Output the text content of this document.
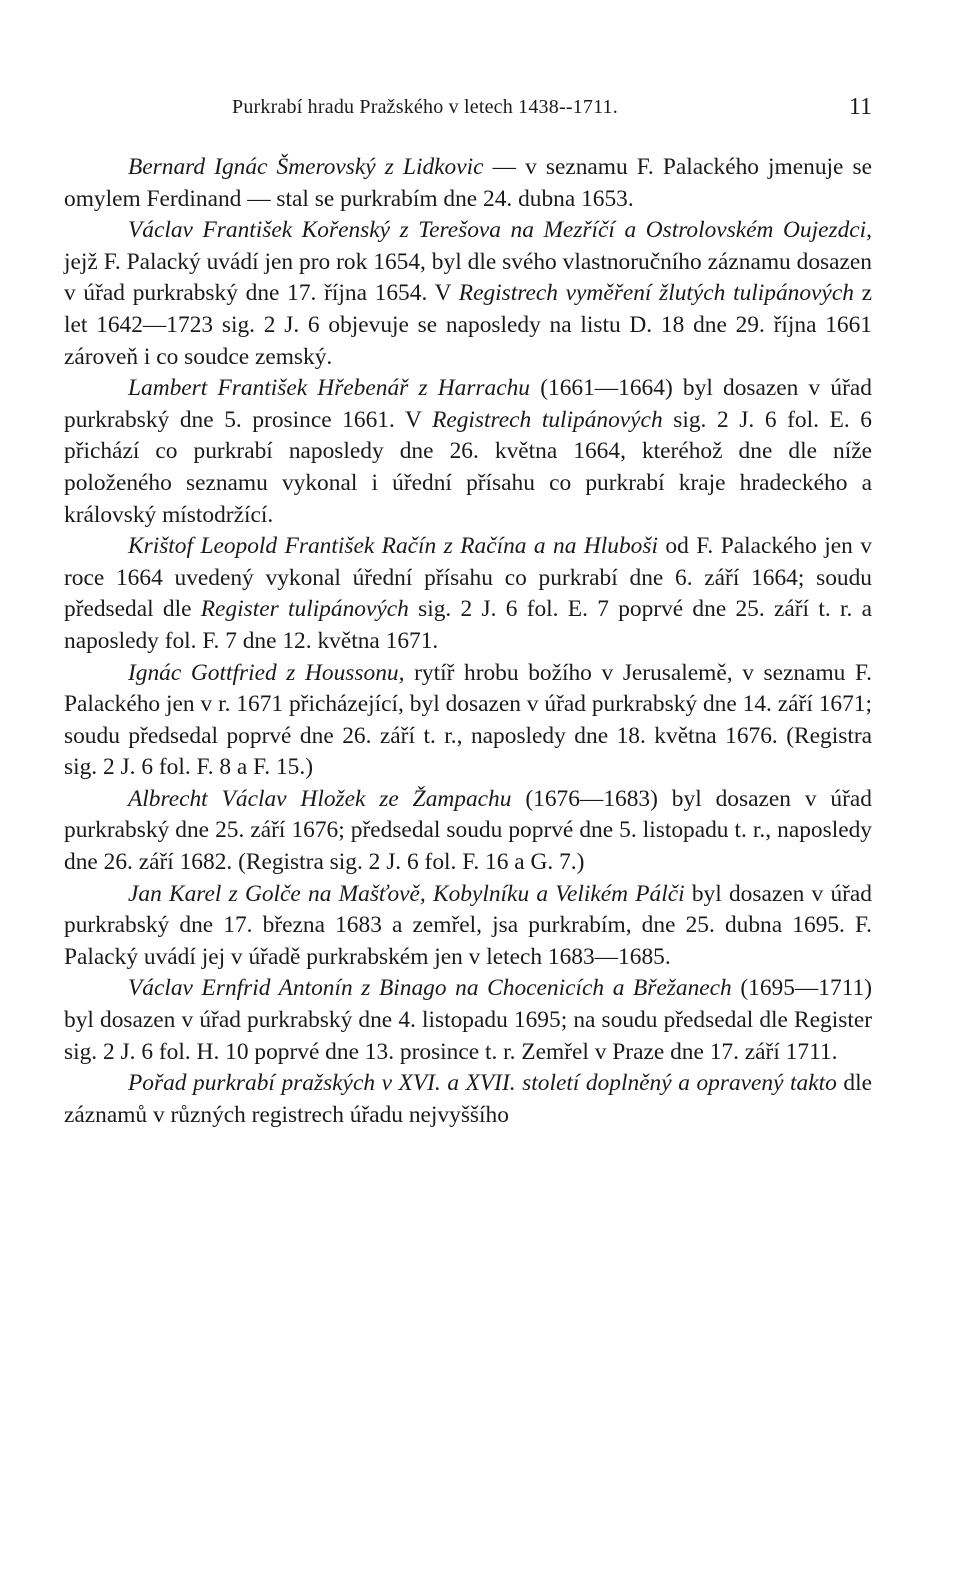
Purkrabí hradu Pražského v letech 1438--1711.	11

Bernard Ignác Šmerovský z Lidkovic — v seznamu F. Palackého jmenuje se omylem Ferdinand — stal se purkrabím dne 24. dubna 1653.

Václav František Kořenský z Terešova na Mezříčí a Ostrolovském Oujezdci, jejž F. Palacký uvádí jen pro rok 1654, byl dle svého vlastnoručního záznamu dosazen v úřad purkrabský dne 17. října 1654. V Registrech vyměření žlutých tulipánových z let 1642—1723 sig. 2 J. 6 objevuje se naposledy na listu D. 18 dne 29. října 1661 zároveň i co soudce zemský.

Lambert František Hřebenář z Harrachu (1661—1664) byl dosazen v úřad purkrabský dne 5. prosince 1661. V Registrech tulipánových sig. 2 J. 6 fol. E. 6 přichází co purkrabí naposledy dne 26. května 1664, kteréhož dne dle níže položeného seznamu vykonal i úřední přísahu co purkrabí kraje hradeckého a královský místodržící.

Krištof Leopold František Račín z Račína a na Hluboši od F. Palackého jen v roce 1664 uvedený vykonal úřední přísahu co purkrabí dne 6. září 1664; soudu předsedal dle Register tulipánových sig. 2 J. 6 fol. E. 7 poprvé dne 25. září t. r. a naposledy fol. F. 7 dne 12. května 1671.

Ignác Gottfried z Houssonu, rytíř hrobu božího v Jerusalemě, v seznamu F. Palackého jen v r. 1671 přicházející, byl dosazen v úřad purkrabský dne 14. září 1671; soudu předsedal poprvé dne 26. září t. r., naposledy dne 18. května 1676. (Registra sig. 2 J. 6 fol. F. 8 a F. 15.)

Albrecht Václav Hložek ze Žampachu (1676—1683) byl dosazen v úřad purkrabský dne 25. září 1676; předsedal soudu poprvé dne 5. listopadu t. r., naposledy dne 26. září 1682. (Registra sig. 2 J. 6 fol. F. 16 a G. 7.)

Jan Karel z Golče na Mašťově, Kobylníku a Velikém Pálči byl dosazen v úřad purkrabský dne 17. března 1683 a zemřel, jsa purkrabím, dne 25. dubna 1695. F. Palacký uvádí jej v úřadě purkrabském jen v letech 1683—1685.

Václav Ernfrid Antonín z Binago na Chocenicích a Břežanech (1695—1711) byl dosazen v úřad purkrabský dne 4. listopadu 1695; na soudu předsedal dle Register sig. 2 J. 6 fol. H. 10 poprvé dne 13. prosince t. r. Zemřel v Praze dne 17. září 1711.

Pořad purkrabí pražských v XVI. a XVII. století doplněný a opravený takto dle záznamů v různých registrech úřadu nejvyššího
